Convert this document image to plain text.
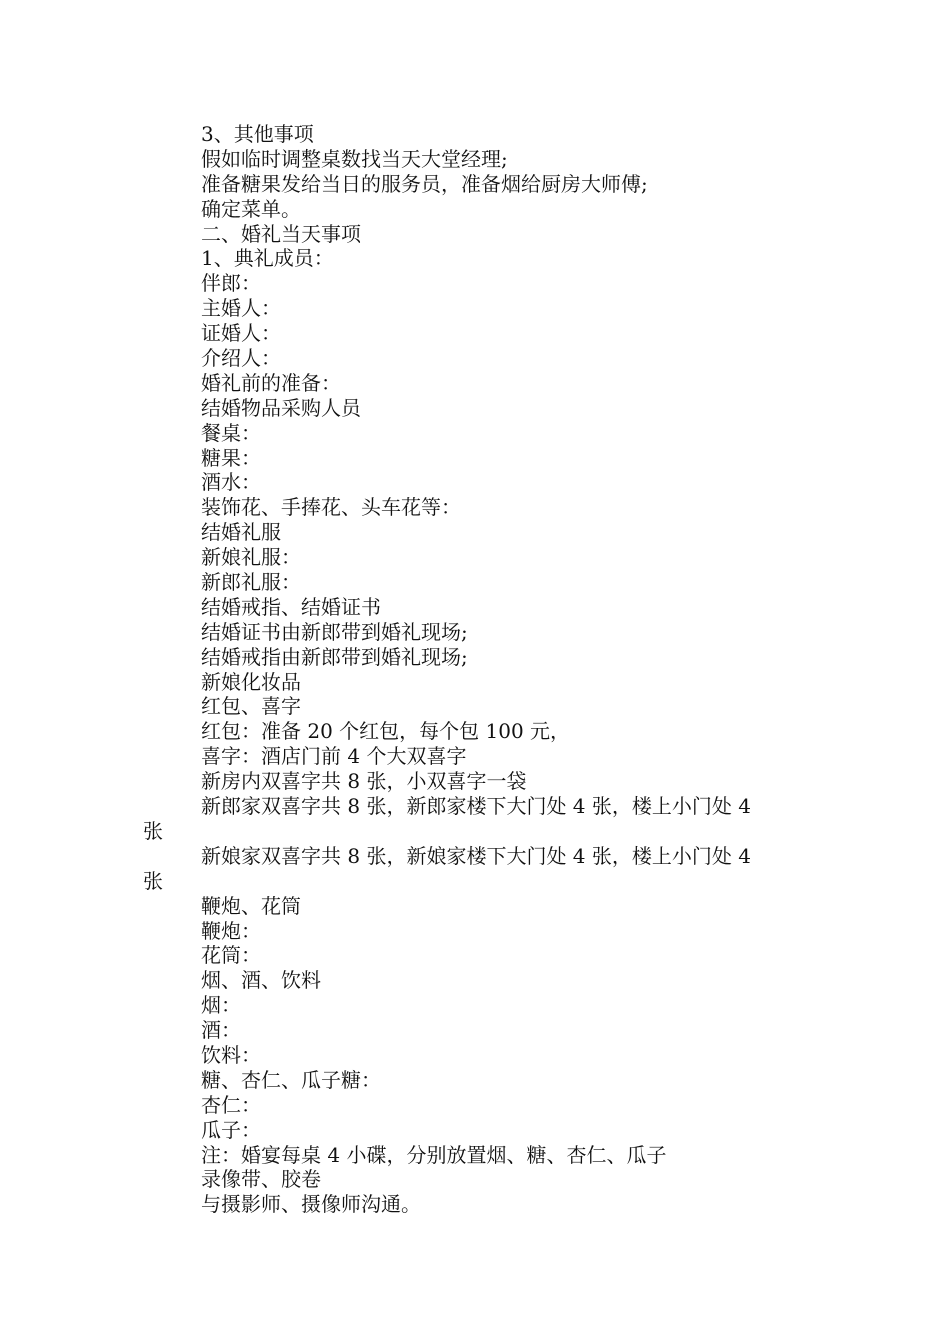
3、其他事项
假如临时调整桌数找当天大堂经理;
准备糖果发给当日的服务员，准备烟给厨房大师傅;
确定菜单。
二、婚礼当天事项
1、典礼成员：
伴郎：
主婚人：
证婚人：
介绍人：
婚礼前的准备：
结婚物品采购人员
餐桌：
糖果：
酒水：
装饰花、手捧花、头车花等：
结婚礼服
新娘礼服：
新郎礼服：
结婚戒指、结婚证书
结婚证书由新郎带到婚礼现场;
结婚戒指由新郎带到婚礼现场;
新娘化妆品
红包、喜字
红包：准备 20 个红包，每个包 100 元，
喜字：酒店门前 4 个大双喜字
新房内双喜字共 8 张，小双喜字一袋
新郎家双喜字共 8 张，新郎家楼下大门处 4 张，楼上小门处 4
张
新娘家双喜字共 8 张，新娘家楼下大门处 4 张，楼上小门处 4
张
鞭炮、花筒
鞭炮：
花筒：
烟、酒、饮料
烟：
酒：
饮料：
糖、杏仁、瓜子糖：
杏仁：
瓜子：
注：婚宴每桌 4 小碟，分别放置烟、糖、杏仁、瓜子
录像带、胶卷
与摄影师、摄像师沟通。
